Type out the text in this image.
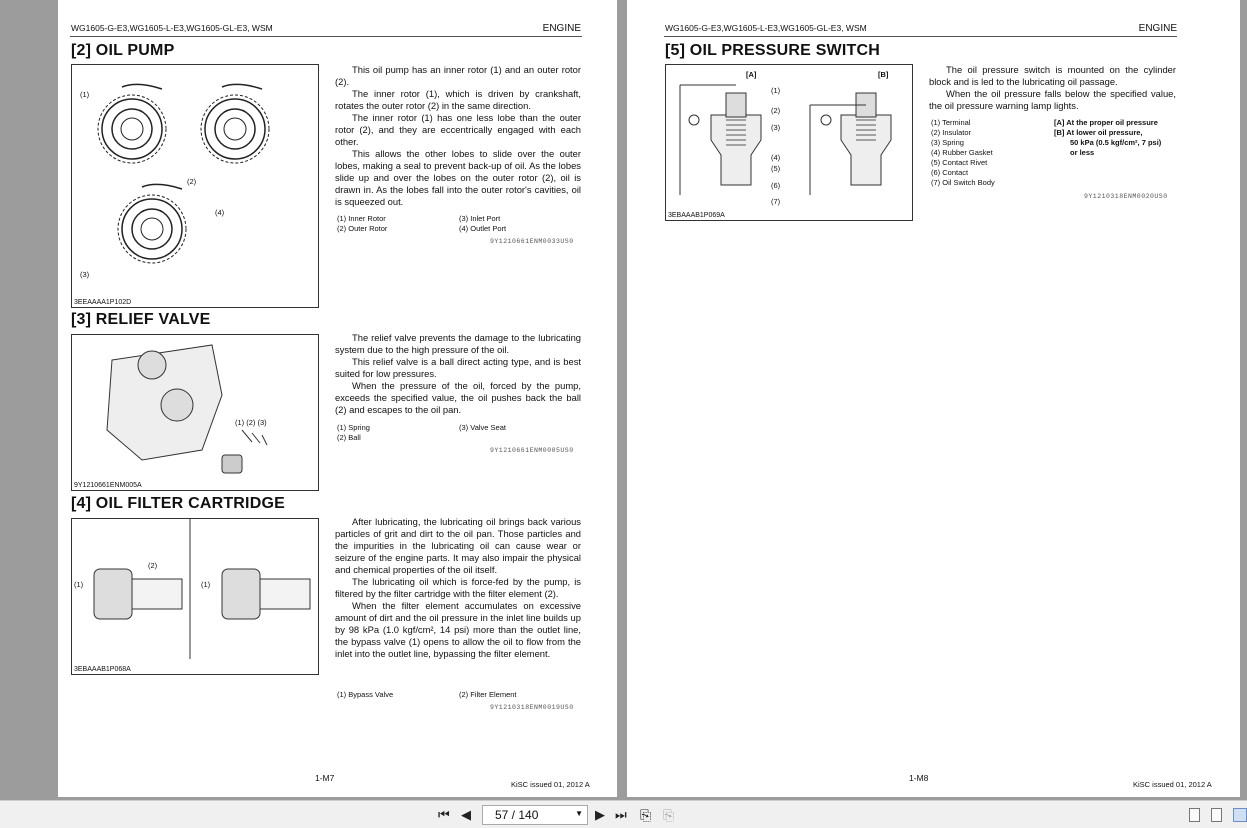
WG1605-G-E3,WG1605-L-E3,WG1605-GL-E3, WSM	ENGINE
[2] OIL PUMP
(1)
(2)
(4)
(3)
3EEAAAA1P102D

This oil pump has an inner rotor (1) and an outer rotor (2).

The inner rotor (1), which is driven by crankshaft, rotates the outer rotor (2) in the same direction.

The inner rotor (1) has one less lobe than the outer rotor (2), and they are eccentrically engaged with each other.

This allows the other lobes to slide over the outer lobes, making a seal to prevent back-up of oil. As the lobes slide up and over the lobes on the outer rotor (2), oil is drawn in. As the lobes fall into the outer rotor's cavities, oil is squeezed out.

(1) Inner Rotor	(3) Inlet Port
(2) Outer Rotor	(4) Outlet Port
9Y1210661ENM0033US0
[3] RELIEF VALVE
(1) (2) (3)
9Y1210661ENM005A

The relief valve prevents the damage to the lubricating system due to the high pressure of the oil.

This relief valve is a ball direct acting type, and is best suited for low pressures.

When the pressure of the oil, forced by the pump, exceeds the specified value, the oil pushes back the ball (2) and escapes to the oil pan.

(1) Spring	(3) Valve Seat
(2) Ball
9Y1210661ENM0005US0
[4] OIL FILTER CARTRIDGE
(1)
(2)
(1)
3EBAAAB1P068A

After lubricating, the lubricating oil brings back various particles of grit and dirt to the oil pan. Those particles and the impurities in the lubricating oil can cause wear or seizure of the engine parts. It may also impair the physical and chemical properties of the oil itself.

The lubricating oil which is force-fed by the pump, is filtered by the filter cartridge with the filter element (2).

When the filter element accumulates on excessive amount of dirt and the oil pressure in the inlet line builds up by 98 kPa (1.0 kgf/cm², 14 psi) more than the outlet line, the bypass valve (1) opens to allow the oil to flow from the inlet into the outlet line, bypassing the filter element.

(1) Bypass Valve	(2) Filter Element
9Y1210318ENM0019US0
1-M7
KiSC issued 01, 2012 A
WG1605-G-E3,WG1605-L-E3,WG1605-GL-E3, WSM	ENGINE
[5] OIL PRESSURE SWITCH
[A]	[B]
(1)
(2)
(3)
(4)
(5)
(6)
(7)
3EBAAAB1P069A

The oil pressure switch is mounted on the cylinder block and is led to the lubricating oil passage.

When the oil pressure falls below the specified value, the oil pressure warning lamp lights.

(1) Terminal
(2) Insulator
(3) Spring
(4) Rubber Gasket
(5) Contact Rivet
(6) Contact
(7) Oil Switch Body
[A] At the proper oil pressure
[B] At lower oil pressure,
50 kPa (0.5 kgf/cm², 7 psi)
or less
9Y1210318ENM0020US0
1-M8
KiSC issued 01, 2012 A
⏮ ◀	57 / 140	▼ ▶ ⏭ ⎘ ⎘
